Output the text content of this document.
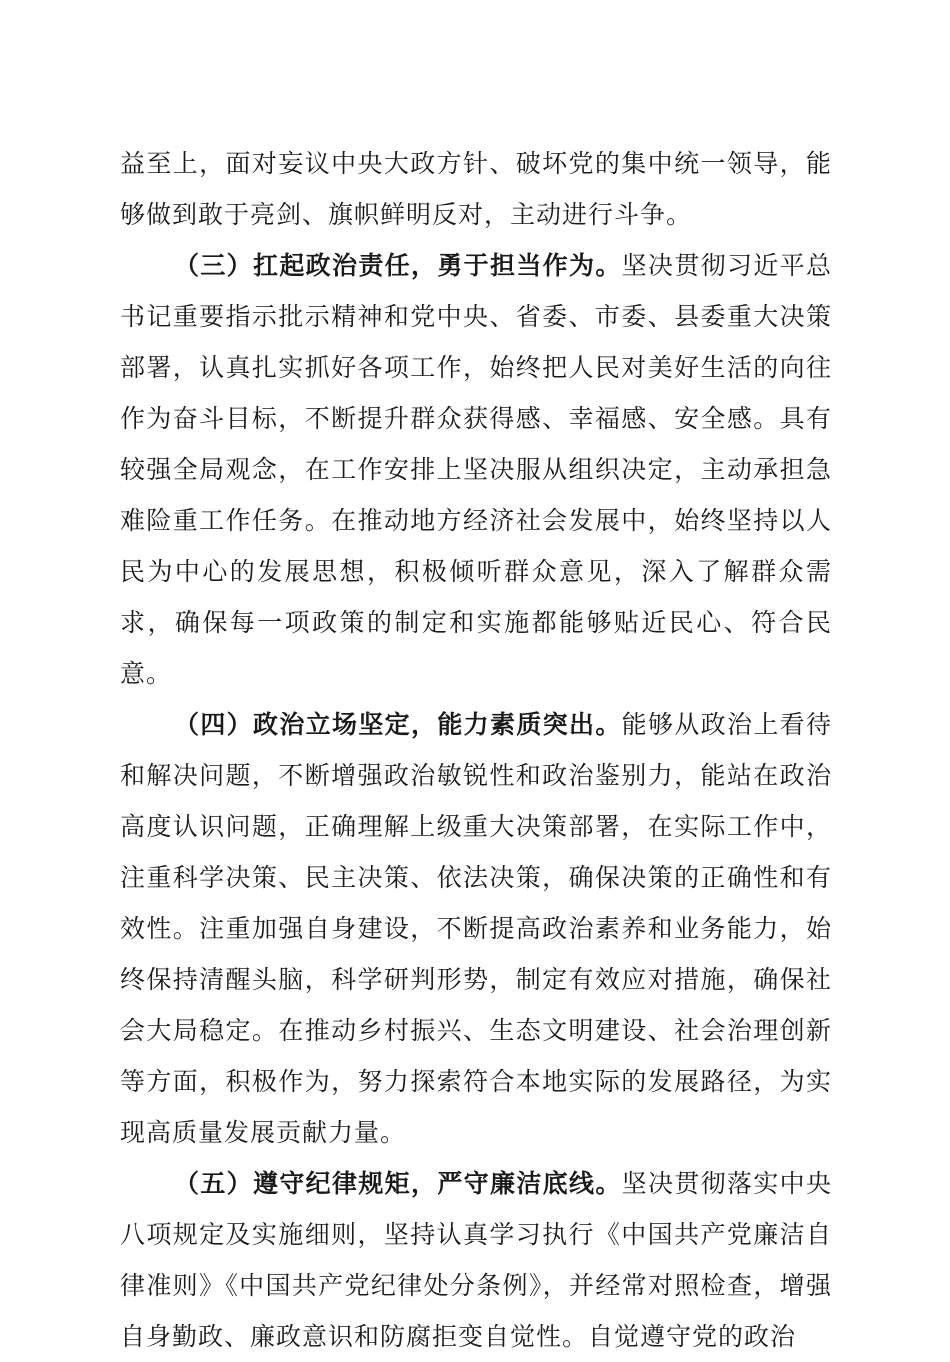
益至上，面对妄议中央大政方针、破坏党的集中统一领导，能够做到敢于亮剑、旗帜鲜明反对，主动进行斗争。

（三）扛起政治责任，勇于担当作为。坚决贯彻习近平总书记重要指示批示精神和党中央、省委、市委、县委重大决策部署，认真扎实抓好各项工作，始终把人民对美好生活的向往作为奋斗目标，不断提升群众获得感、幸福感、安全感。具有较强全局观念，在工作安排上坚决服从组织决定，主动承担急难险重工作任务。在推动地方经济社会发展中，始终坚持以人民为中心的发展思想，积极倾听群众意见，深入了解群众需求，确保每一项政策的制定和实施都能够贴近民心、符合民意。

（四）政治立场坚定，能力素质突出。能够从政治上看待和解决问题，不断增强政治敏锐性和政治鉴别力，能站在政治高度认识问题，正确理解上级重大决策部署，在实际工作中，注重科学决策、民主决策、依法决策，确保决策的正确性和有效性。注重加强自身建设，不断提高政治素养和业务能力，始终保持清醒头脑，科学研判形势，制定有效应对措施，确保社会大局稳定。在推动乡村振兴、生态文明建设、社会治理创新等方面，积极作为，努力探索符合本地实际的发展路径，为实现高质量发展贡献力量。

（五）遵守纪律规矩，严守廉洁底线。坚决贯彻落实中央八项规定及实施细则，坚持认真学习执行《中国共产党廉洁自律准则》《中国共产党纪律处分条例》，并经常对照检查，增强自身勤政、廉政意识和防腐拒变自觉性。自觉遵守党的政治
